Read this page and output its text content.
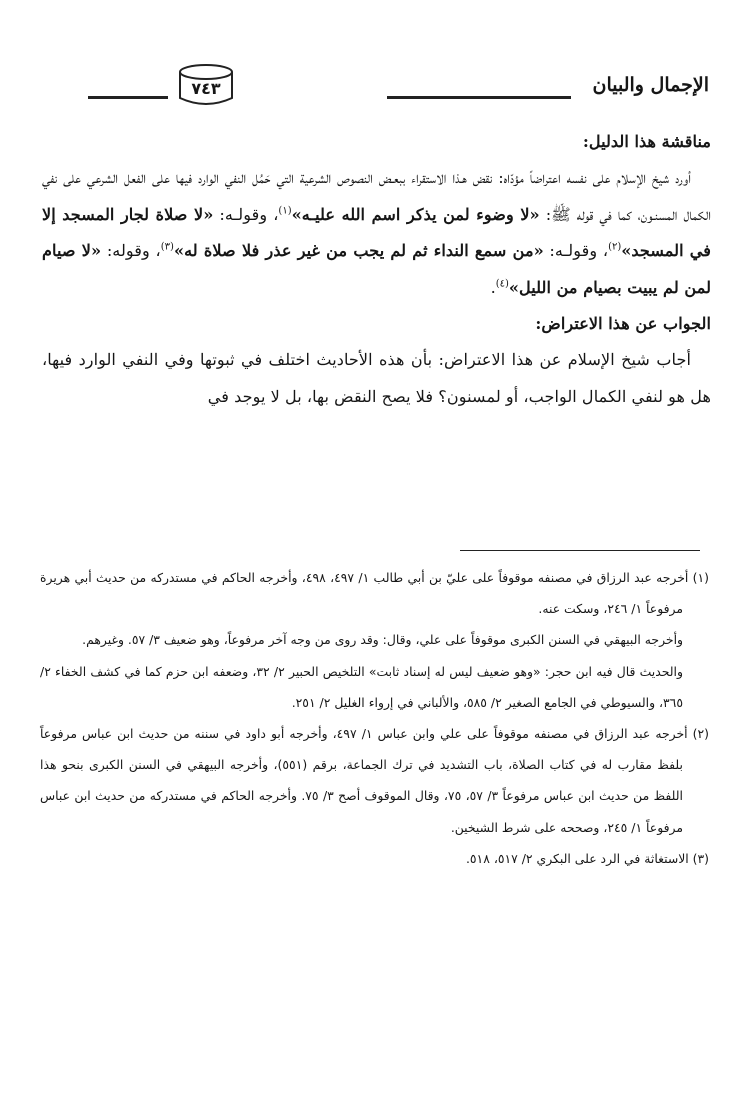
الإجمال والبيان
٧٤٣

مناقشة هذا الدليل:

أورد شيخ الإسلام على نفسه اعتراضاً مؤدّاه: نقض هـذا الاستقراء ببعـض النصوص الشرعية التي حَمُل النفي الوارد فيها على الفعل الشرعي على نفي الكمال المسنـون، كما في قوله ﷺ: «لا وضوء لمن يذكر اسم الله عليـه»$^{(١)}$، وقولـه: «لا صلاة لجار المسجد إلا في المسجد»$^{(٢)}$، وقولـه: «من سمع النداء ثم لم يجب من غير عذر فلا صلاة له»$^{(٣)}$، وقوله: «لا صيام لمن لم يبيت بصيام من الليل»$^{(٤)}$.

الجواب عن هذا الاعتراض:

أجاب شيخ الإسلام عن هذا الاعتراض: بأن هذه الأحاديث اختلف في ثبوتها وفي النفي الوارد فيها، هل هو لنفي الكمال الواجب، أو لمسنون؟ فلا يصح النقض بها، بل لا يوجد في

(١) أخرجه عبد الرزاق في مصنفه موقوفاً على عليّ بن أبي طالب ١/ ٤٩٧، ٤٩٨، وأخرجه الحاكم في مستدركه من حديث أبي هريرة مرفوعاً ١/ ٢٤٦، وسكت عنه.

وأخرجه البيهقي في السنن الكبرى موقوفاً على علي، وقال: وقد روى من وجه آخر مرفوعاً، وهو ضعيف ٣/ ٥٧. وغيرهم.

والحديث قال فيه ابن حجر: «وهو ضعيف ليس له إسناد ثابت» التلخيص الحبير ٢/ ٣٢، وضعفه ابن حزم كما في كشف الخفاء ٢/ ٣٦٥، والسيوطي في الجامع الصغير ٢/ ٥٨٥، والألباني في إرواء الغليل ٢/ ٢٥١.

(٢) أخرجه عبد الرزاق في مصنفه موقوفاً على علي وابن عباس ١/ ٤٩٧، وأخرجه أبو داود في سننه من حديث ابن عباس مرفوعاً بلفظ مقارب له في كتاب الصلاة، باب التشديد في ترك الجماعة، برقم (٥٥١)، وأخرجه البيهقي في السنن الكبرى بنحو هذا اللفظ من حديث ابن عباس مرفوعاً ٣/ ٥٧، ٧٥، وقال الموقوف أصح ٣/ ٧٥. وأخرجه الحاكم في مستدركه من حديث ابن عباس مرفوعاً ١/ ٢٤٥، وصححه على شرط الشيخين.

(٣) الاستغاثة في الرد على البكري ٢/ ٥١٧، ٥١٨.
